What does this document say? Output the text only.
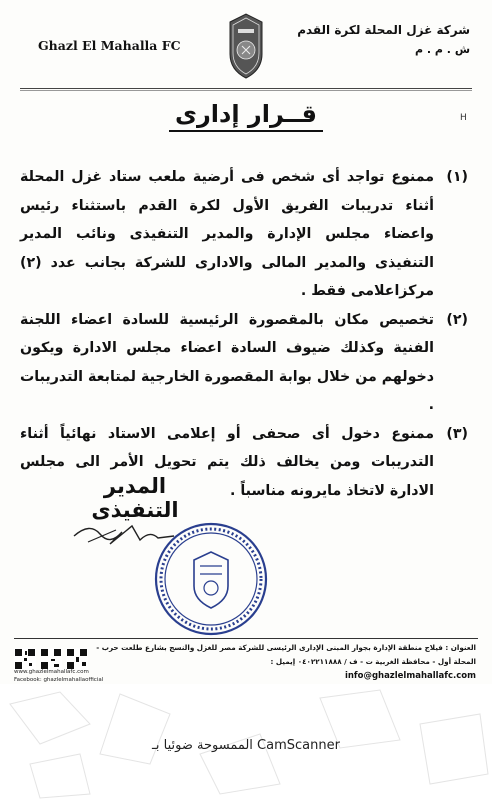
Ghazl El Mahalla FC
شركة غزل المحلة لكرة القدم
ش . م . م
قــرار إدارى	H

(١)
ممنوع تواجد أى شخص فى أرضية ملعب ستاد غزل المحلة أثناء تدريبات الفريق الأول لكرة القدم باستثناء رئيس واعضاء مجلس الإدارة والمدير التنفيذى ونائب المدير التنفيذى والمدير المالى والادارى للشركة بجانب عدد (٢) مركزاعلامى فقط .

(٢)
تخصيص مكان بالمقصورة الرئيسية للسادة اعضاء اللجنة الفنية وكذلك ضيوف السادة اعضاء مجلس الادارة ويكون دخولهم من خلال بوابة المقصورة الخارجية لمتابعة التدريبات .

(٣)
ممنوع دخول أى صحفى أو إعلامى الاستاد نهائياً أثناء التدريبات ومن يخالف ذلك يتم تحويل الأمر الى مجلس الادارة لاتخاذ مايرونه مناسباً .

المدير التنفيذى
www.ghazlelmahallafc.com
Facebook: ghazlelmahallaofficial
العنوان : فيلاج منطقة الإدارة بجوار المبنى الإدارى الرئيسى للشركة مصر للغزل والنسج بشارع طلعت حرب - المحلة أول - محافظة الغربية ت - ف / ٠٤٠٢٢١١٨٨٨ إيميل :
info@ghazlelmahallafc.com
الممسوحة ضوئيا بـ CamScanner
